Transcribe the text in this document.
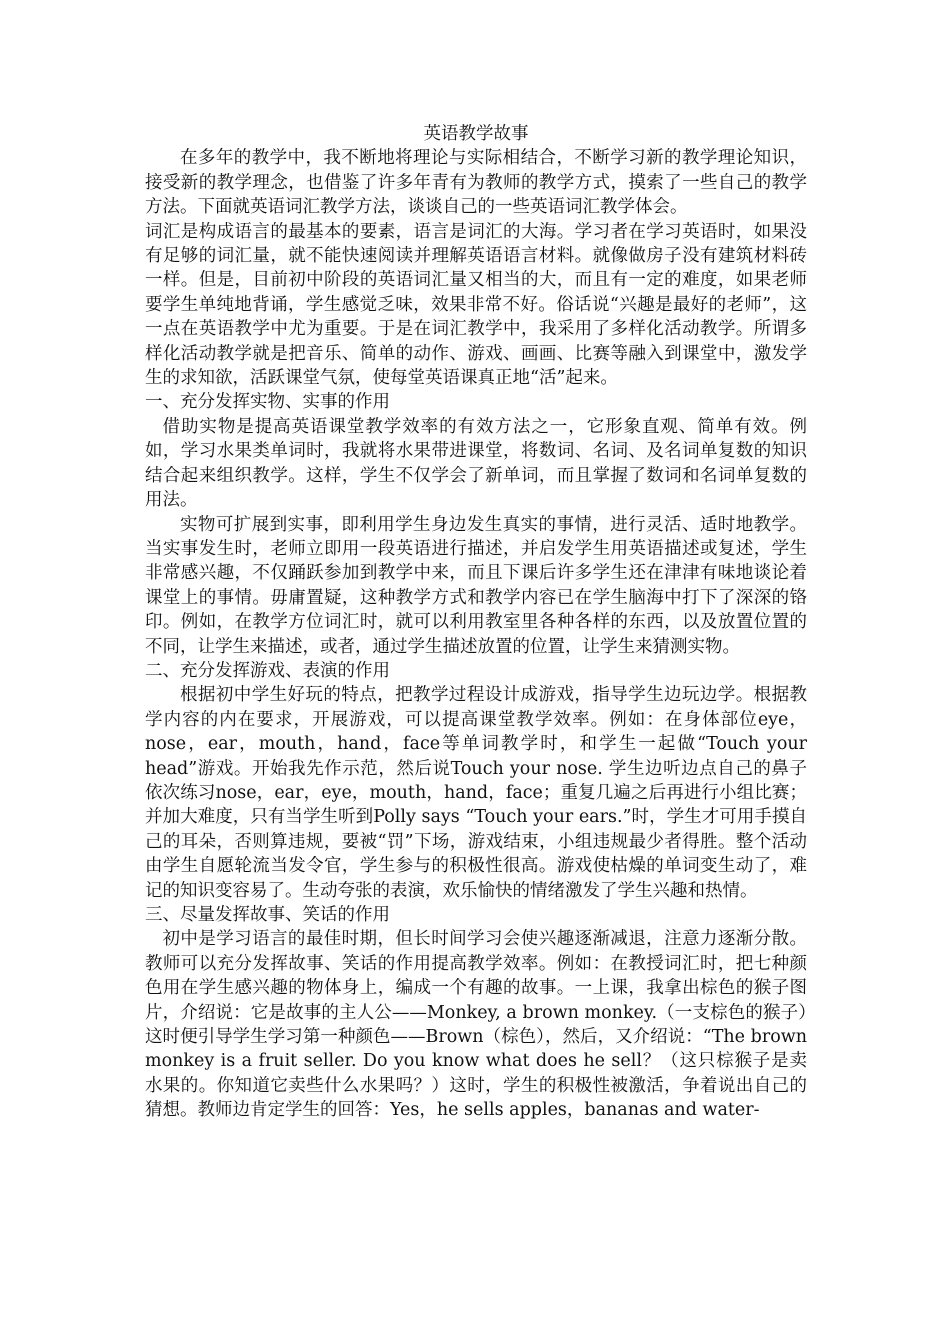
英语教学故事

在多年的教学中，我不断地将理论与实际相结合，不断学习新的教学理论知识，接受新的教学理念，也借鉴了许多年青有为教师的教学方式，摸索了一些自己的教学方法。下面就英语词汇教学方法，谈谈自己的一些英语词汇教学体会。

词汇是构成语言的最基本的要素，语言是词汇的大海。学习者在学习英语时，如果没有足够的词汇量，就不能快速阅读并理解英语语言材料。就像做房子没有建筑材料砖一样。但是，目前初中阶段的英语词汇量又相当的大，而且有一定的难度，如果老师要学生单纯地背诵，学生感觉乏味，效果非常不好。俗话说“兴趣是最好的老师”，这一点在英语教学中尤为重要。于是在词汇教学中，我采用了多样化活动教学。所谓多样化活动教学就是把音乐、简单的动作、游戏、画画、比赛等融入到课堂中，激发学生的求知欲，活跃课堂气氛，使每堂英语课真正地“活”起来。

一、充分发挥实物、实事的作用

借助实物是提高英语课堂教学效率的有效方法之一，它形象直观、简单有效。例如，学习水果类单词时，我就将水果带进课堂，将数词、名词、及名词单复数的知识结合起来组织教学。这样，学生不仅学会了新单词，而且掌握了数词和名词单复数的用法。

实物可扩展到实事，即利用学生身边发生真实的事情，进行灵活、适时地教学。当实事发生时，老师立即用一段英语进行描述，并启发学生用英语描述或复述，学生非常感兴趣，不仅踊跃参加到教学中来，而且下课后许多学生还在津津有味地谈论着课堂上的事情。毋庸置疑，这种教学方式和教学内容已在学生脑海中打下了深深的铬印。例如，在教学方位词汇时，就可以利用教室里各种各样的东西，以及放置位置的不同，让学生来描述，或者，通过学生描述放置的位置，让学生来猜测实物。

二、充分发挥游戏、表演的作用

根据初中学生好玩的特点，把教学过程设计成游戏，指导学生边玩边学。根据教学内容的内在要求，开展游戏，可以提高课堂教学效率。例如：在身体部位eye，nose，ear，mouth，hand，face等单词教学时，和学生一起做“Touch your head”游戏。开始我先作示范，然后说Touch your nose. 学生边听边点自己的鼻子依次练习nose，ear，eye，mouth，hand，face；重复几遍之后再进行小组比赛；并加大难度，只有当学生听到Polly says “Touch your ears.”时，学生才可用手摸自己的耳朵，否则算违规，要被“罚”下场，游戏结束，小组违规最少者得胜。整个活动由学生自愿轮流当发令官，学生参与的积极性很高。游戏使枯燥的单词变生动了，难记的知识变容易了。生动夸张的表演，欢乐愉快的情绪激发了学生兴趣和热情。

三、尽量发挥故事、笑话的作用

初中是学习语言的最佳时期，但长时间学习会使兴趣逐渐减退，注意力逐渐分散。教师可以充分发挥故事、笑话的作用提高教学效率。例如：在教授词汇时，把七种颜色用在学生感兴趣的物体身上，编成一个有趣的故事。一上课，我拿出棕色的猴子图片，介绍说：它是故事的主人公——Monkey, a brown monkey.（一支棕色的猴子）这时便引导学生学习第一种颜色——Brown（棕色），然后，又介绍说：“The brown monkey is a fruit seller. Do you know what does he sell？（这只棕猴子是卖水果的。你知道它卖些什么水果吗？）这时，学生的积极性被激活，争着说出自己的猜想。教师边肯定学生的回答：Yes，he sells apples，bananas and water-
